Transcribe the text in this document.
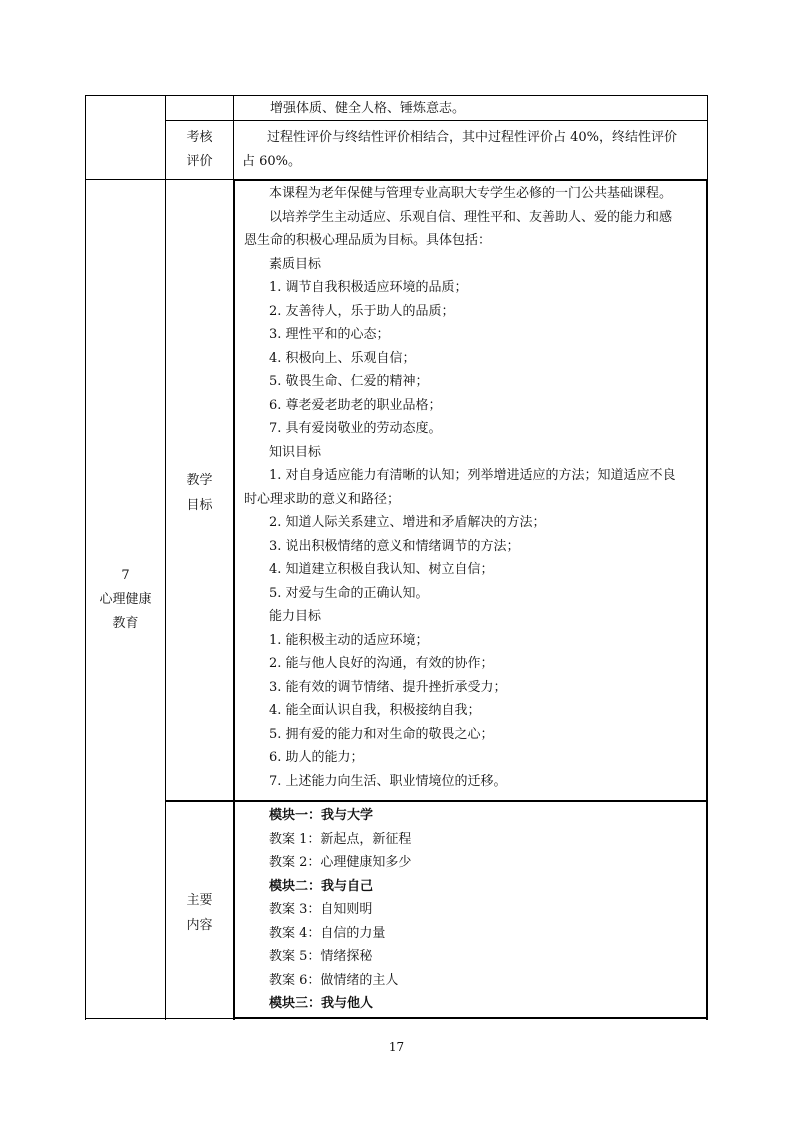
增强体质、健全人格、锤炼意志。
考核
评价
过程性评价与终结性评价相结合，其中过程性评价占 40%，终结性评价
占 60%。
7
心理健康
教育
教学
目标
本课程为老年保健与管理专业高职大专学生必修的一门公共基础课程。
以培养学生主动适应、乐观自信、理性平和、友善助人、爱的能力和感
恩生命的积极心理品质为目标。具体包括：
素质目标
1. 调节自我积极适应环境的品质；
2. 友善待人，乐于助人的品质；
3. 理性平和的心态；
4. 积极向上、乐观自信；
5. 敬畏生命、仁爱的精神；
6. 尊老爱老助老的职业品格；
7. 具有爱岗敬业的劳动态度。
知识目标
1. 对自身适应能力有清晰的认知；列举增进适应的方法；知道适应不良
时心理求助的意义和路径；
2. 知道人际关系建立、增进和矛盾解决的方法；
3. 说出积极情绪的意义和情绪调节的方法；
4. 知道建立积极自我认知、树立自信；
5. 对爱与生命的正确认知。
能力目标
1. 能积极主动的适应环境；
2. 能与他人良好的沟通，有效的协作；
3. 能有效的调节情绪、提升挫折承受力；
4. 能全面认识自我，积极接纳自我；
5. 拥有爱的能力和对生命的敬畏之心；
6. 助人的能力；
7. 上述能力向生活、职业情境位的迁移。
主要
内容
模块一：我与大学
教案 1：新起点，新征程
教案 2：心理健康知多少
模块二：我与自己
教案 3：自知则明
教案 4：自信的力量
教案 5：情绪探秘
教案 6：做情绪的主人
模块三：我与他人
17
